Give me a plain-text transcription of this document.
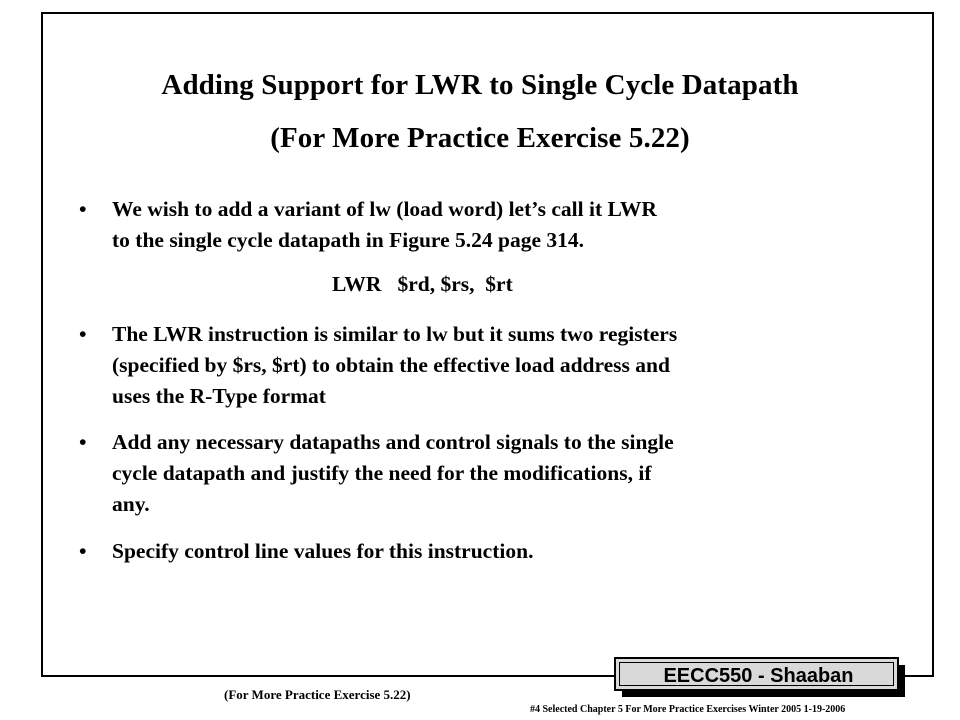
Adding Support for LWR to Single Cycle Datapath
(For More Practice Exercise 5.22)
• We wish to add a variant of lw (load word) let’s call it LWR
to the single cycle datapath in Figure 5.24 page 314.
• The LWR instruction is similar to lw but it sums two registers
(specified by $rs, $rt) to obtain the effective load address and
uses the R-Type format
• Add any necessary datapaths and control signals to the single
cycle datapath and justify the need for the modifications, if
any.
• Specify control line values for this instruction.
LWR   $rd, $rs,  $rt
EECC550 - Shaaban
(For More Practice Exercise 5.22)
#4 Selected Chapter 5 For More Practice Exercises Winter 2005 1-19-2006
